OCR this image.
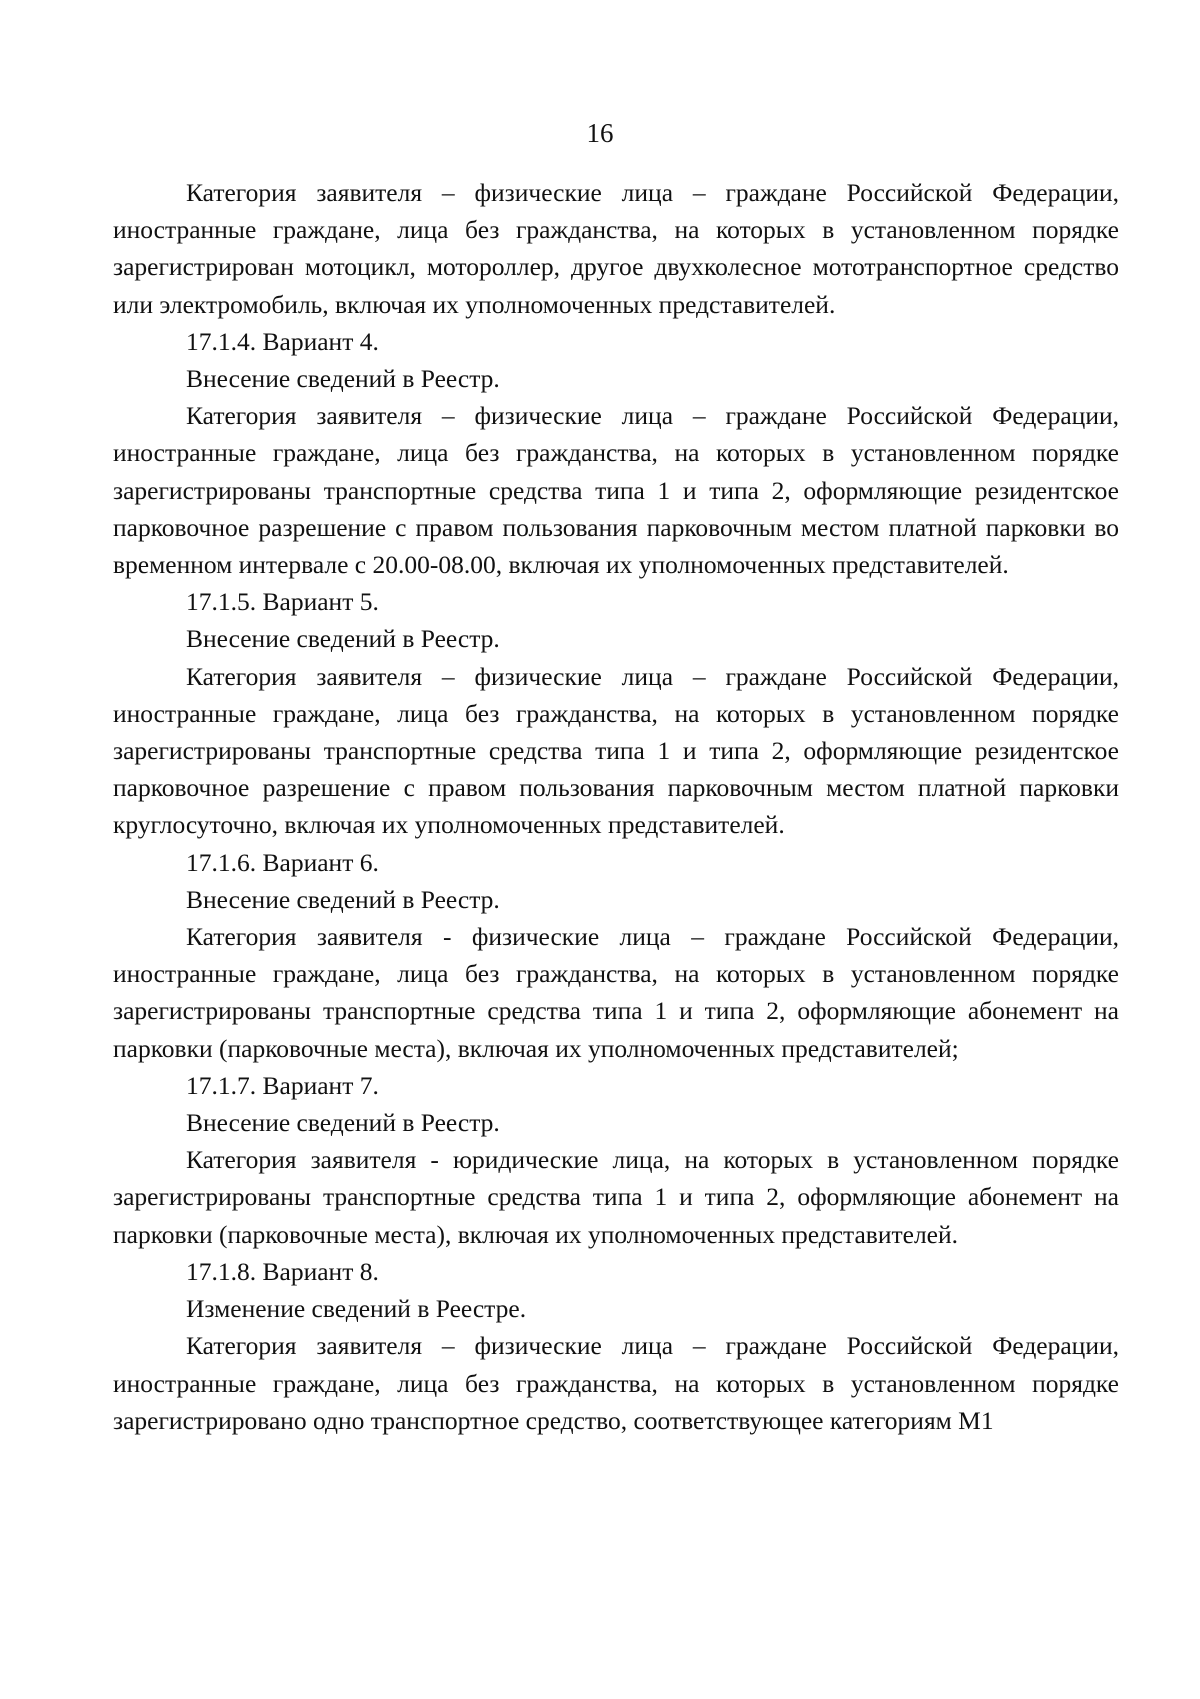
16

Категория заявителя – физические лица – граждане Российской Федерации, иностранные граждане, лица без гражданства, на которых в установленном порядке зарегистрирован мотоцикл, мотороллер, другое двухколесное мототранспортное средство или электромобиль, включая их уполномоченных представителей.

17.1.4. Вариант 4.

Внесение сведений в Реестр.

Категория заявителя – физические лица – граждане Российской Федерации, иностранные граждане, лица без гражданства, на которых в установленном порядке зарегистрированы транспортные средства типа 1 и типа 2, оформляющие резидентское парковочное разрешение с правом пользования парковочным местом платной парковки во временном интервале с 20.00-08.00, включая их уполномоченных представителей.

17.1.5. Вариант 5.

Внесение сведений в Реестр.

Категория заявителя – физические лица – граждане Российской Федерации, иностранные граждане, лица без гражданства, на которых в установленном порядке зарегистрированы транспортные средства типа 1 и типа 2, оформляющие резидентское парковочное разрешение с правом пользования парковочным местом платной парковки круглосуточно, включая их уполномоченных представителей.

17.1.6. Вариант 6.

Внесение сведений в Реестр.

Категория заявителя - физические лица – граждане Российской Федерации, иностранные граждане, лица без гражданства, на которых в установленном порядке зарегистрированы транспортные средства типа 1 и типа 2, оформляющие абонемент на парковки (парковочные места), включая их уполномоченных представителей;

17.1.7. Вариант 7.

Внесение сведений в Реестр.

Категория заявителя - юридические лица, на которых в установленном порядке зарегистрированы транспортные средства типа 1 и типа 2, оформляющие абонемент на парковки (парковочные места), включая их уполномоченных представителей.

17.1.8. Вариант 8.

Изменение сведений в Реестре.

Категория заявителя – физические лица – граждане Российской Федерации, иностранные граждане, лица без гражданства, на которых в установленном порядке зарегистрировано одно транспортное средство, соответствующее категориям М1
